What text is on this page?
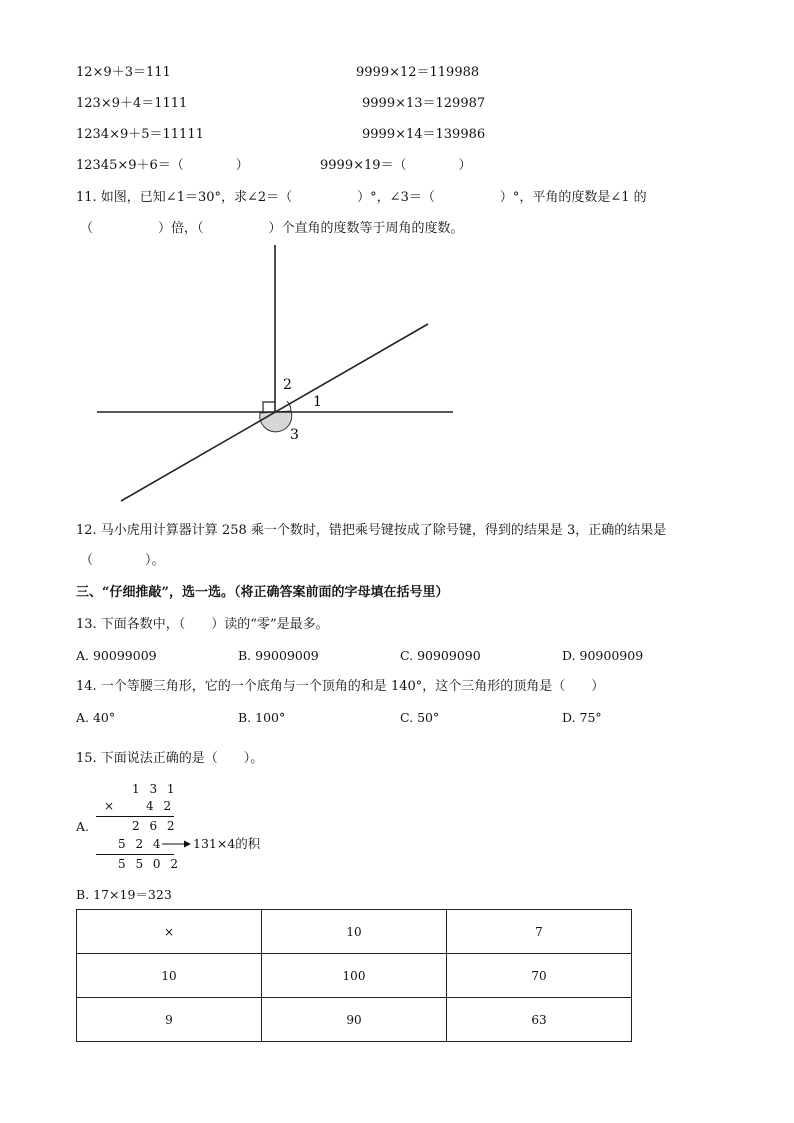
12×9＋3＝111	9999×12＝119988
123×9＋4＝1111	9999×13＝129987
1234×9＋5＝11111	9999×14＝139986
12345×9＋6＝（　　　　）	9999×19＝（　　　　）
11. 如图，已知∠1＝30°，求∠2＝（　　　　　）°，∠3＝（　　　　　）°，平角的度数是∠1 的
（　　　　　）倍，（　　　　　）个直角的度数等于周角的度数。
2
1
3
12. 马小虎用计算器计算 258 乘一个数时，错把乘号键按成了除号键，得到的结果是 3，正确的结果是
（　　　　）。
三、“仔细推敲”，选一选。（将正确答案前面的字母填在括号里）
13. 下面各数中，（　　）读的“零”是最多。
A. 90099009	B. 99009009	C. 90909090	D. 90900909
14. 一个等腰三角形，它的一个底角与一个顶角的和是 140°，这个三角形的顶角是（　　）
A. 40°	B. 100°	C. 50°	D. 75°
15. 下面说法正确的是（　　）。
A.
1 3 1
× 4 2
2 6 2
5 2 4
5 5 0 2
131×4的积
B. 17×19＝323
×	10	7
10	100	70
9	90	63
